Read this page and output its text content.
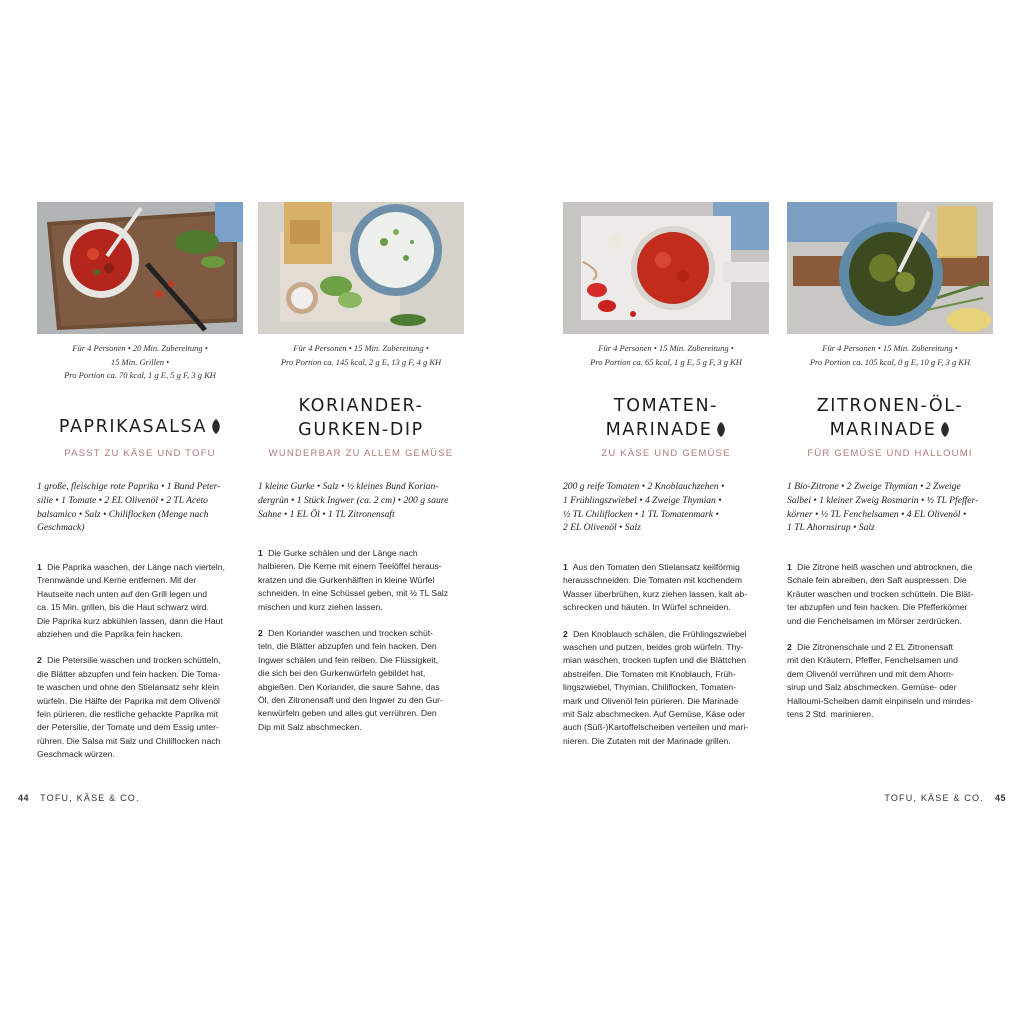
Für 4 Personen • 20 Min. Zubereitung •
15 Min. Grillen •
Pro Portion ca. 70 kcal, 1 g E, 5 g F, 3 g KH
PAPRIKASALSA
PASST ZU KÄSE UND TOFU
1 große, fleischige rote Paprika • 1 Bund Peter-
silie • 1 Tomate • 2 EL Olivenöl • 2 TL Aceto
balsamico • Salz • Chiliflocken (Menge nach
Geschmack)

1 Die Paprika waschen, der Länge nach vierteln,
Trennwände und Kerne entfernen. Mit der
Hautseite nach unten auf den Grill legen und
ca. 15 Min. grillen, bis die Haut schwarz wird.
Die Paprika kurz abkühlen lassen, dann die Haut
abziehen und die Paprika fein hacken.

2 Die Petersilie waschen und trocken schütteln,
die Blätter abzupfen und fein hacken. Die Toma-
te waschen und ohne den Stielansatz sehr klein
würfeln. Die Hälfte der Paprika mit dem Olivenöl
fein pürieren, die restliche gehackte Paprika mit
der Petersilie, der Tomate und dem Essig unter-
rühren. Die Salsa mit Salz und Chiliflocken nach
Geschmack würzen.

Für 4 Personen • 15 Min. Zubereitung •
Pro Portion ca. 145 kcal, 2 g E, 13 g F, 4 g KH
KORIANDER-
GURKEN-DIP
WUNDERBAR ZU ALLEM GEMÜSE
1 kleine Gurke • Salz • ½ kleines Bund Korian-
dergrün • 1 Stück Ingwer (ca. 2 cm) • 200 g saure
Sahne • 1 EL Öl • 1 TL Zitronensaft

1 Die Gurke schälen und der Länge nach
halbieren. Die Kerne mit einem Teelöffel heraus-
kratzen und die Gurkenhälften in kleine Würfel
schneiden. In eine Schüssel geben, mit ½ TL Salz
mischen und kurz ziehen lassen.

2 Den Koriander waschen und trocken schüt-
teln, die Blätter abzupfen und fein hacken. Den
Ingwer schälen und fein reiben. Die Flüssigkeit,
die sich bei den Gurkenwürfeln gebildet hat,
abgießen. Den Koriander, die saure Sahne, das
Öl, den Zitronensaft und den Ingwer zu den Gur-
kenwürfeln geben und alles gut verrühren. Den
Dip mit Salz abschmecken.

44 TOFU, KÄSE & CO.
Für 4 Personen • 15 Min. Zubereitung •
Pro Portion ca. 65 kcal, 1 g E, 5 g F, 3 g KH
TOMATEN-
MARINADE
ZU KÄSE UND GEMÜSE
200 g reife Tomaten • 2 Knoblauchzehen •
1 Frühlingszwiebel • 4 Zweige Thymian •
½ TL Chiliflocken • 1 TL Tomatenmark •
2 EL Olivenöl • Salz

1 Aus den Tomaten den Stielansatz keilförmig
herausschneiden. Die Tomaten mit kochendem
Wasser überbrühen, kurz ziehen lassen, kalt ab-
schrecken und häuten. In Würfel schneiden.

2 Den Knoblauch schälen, die Frühlingszwiebel
waschen und putzen, beides grob würfeln. Thy-
mian waschen, trocken tupfen und die Blättchen
abstreifen. Die Tomaten mit Knoblauch, Früh-
lingszwiebel, Thymian, Chiliflocken, Tomaten-
mark und Olivenöl fein pürieren. Die Marinade
mit Salz abschmecken. Auf Gemüse, Käse oder
auch (Süß-)Kartoffelscheiben verteilen und mari-
nieren. Die Zutaten mit der Marinade grillen.

Für 4 Personen • 15 Min. Zubereitung •
Pro Portion ca. 105 kcal, 0 g E, 10 g F, 3 g KH
ZITRONEN-ÖL-
MARINADE
FÜR GEMÜSE UND HALLOUMI
1 Bio-Zitrone • 2 Zweige Thymian • 2 Zweige
Salbei • 1 kleiner Zweig Rosmarin • ½ TL Pfeffer-
körner • ½ TL Fenchelsamen • 4 EL Olivenöl •
1 TL Ahornsirup • Salz

1 Die Zitrone heiß waschen und abtrocknen, die
Schale fein abreiben, den Saft auspressen. Die
Kräuter waschen und trocken schütteln. Die Blät-
ter abzupfen und fein hacken. Die Pfefferkörner
und die Fenchelsamen im Mörser zerdrücken.

2 Die Zitronenschale und 2 EL Zitronensaft
mit den Kräutern, Pfeffer, Fenchelsamen und
dem Olivenöl verrühren und mit dem Ahorn-
sirup und Salz abschmecken. Gemüse- oder
Halloumi-Scheiben damit einpinseln und mindes-
tens 2 Std. marinieren.

TOFU, KÄSE & CO. 45
